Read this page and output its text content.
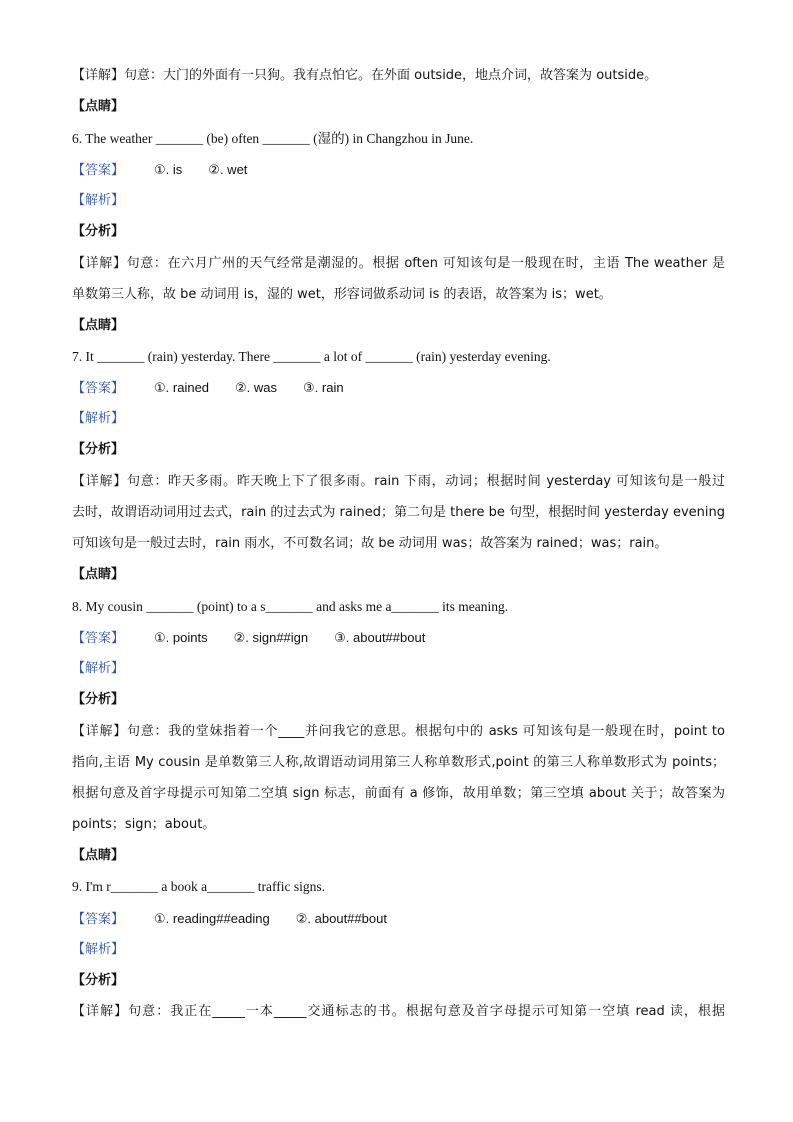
【详解】句意：大门的外面有一只狗。我有点怕它。在外面 outside，地点介词，故答案为 outside。
【点睛】
6. The weather _______ (be) often _______ (湿的) in Changzhou in June.
【答案】 ①. is ②. wet
【解析】
【分析】
【详解】句意：在六月广州的天气经常是潮湿的。根据 often 可知该句是一般现在时，主语 The weather 是
单数第三人称，故 be 动词用 is，湿的 wet，形容词做系动词 is 的表语，故答案为 is；wet。
【点睛】
7. It _______ (rain) yesterday. There _______ a lot of _______ (rain) yesterday evening.
【答案】 ①. rained ②. was ③. rain
【解析】
【分析】
【详解】句意：昨天多雨。昨天晚上下了很多雨。rain 下雨，动词；根据时间 yesterday 可知该句是一般过
去时，故谓语动词用过去式，rain 的过去式为 rained；第二句是 there be 句型，根据时间 yesterday evening
可知该句是一般过去时，rain 雨水，不可数名词；故 be 动词用 was；故答案为 rained；was；rain。
【点睛】
8. My cousin _______ (point) to a s_______ and asks me a_______ its meaning.
【答案】 ①. points ②. sign##ign ③. about##bout
【解析】
【分析】
【详解】句意：我的堂妹指着一个____并问我它的意思。根据句中的 asks 可知该句是一般现在时，point to
指向,主语 My cousin 是单数第三人称,故谓语动词用第三人称单数形式,point 的第三人称单数形式为 points；
根据句意及首字母提示可知第二空填 sign 标志，前面有 a 修饰，故用单数；第三空填 about 关于；故答案为
points；sign；about。
【点睛】
9. I'm r_______ a book a_______ traffic signs.
【答案】 ①. reading##eading ②. about##bout
【解析】
【分析】
【详解】句意：我正在_____一本_____交通标志的书。根据句意及首字母提示可知第一空填 read 读，根据
